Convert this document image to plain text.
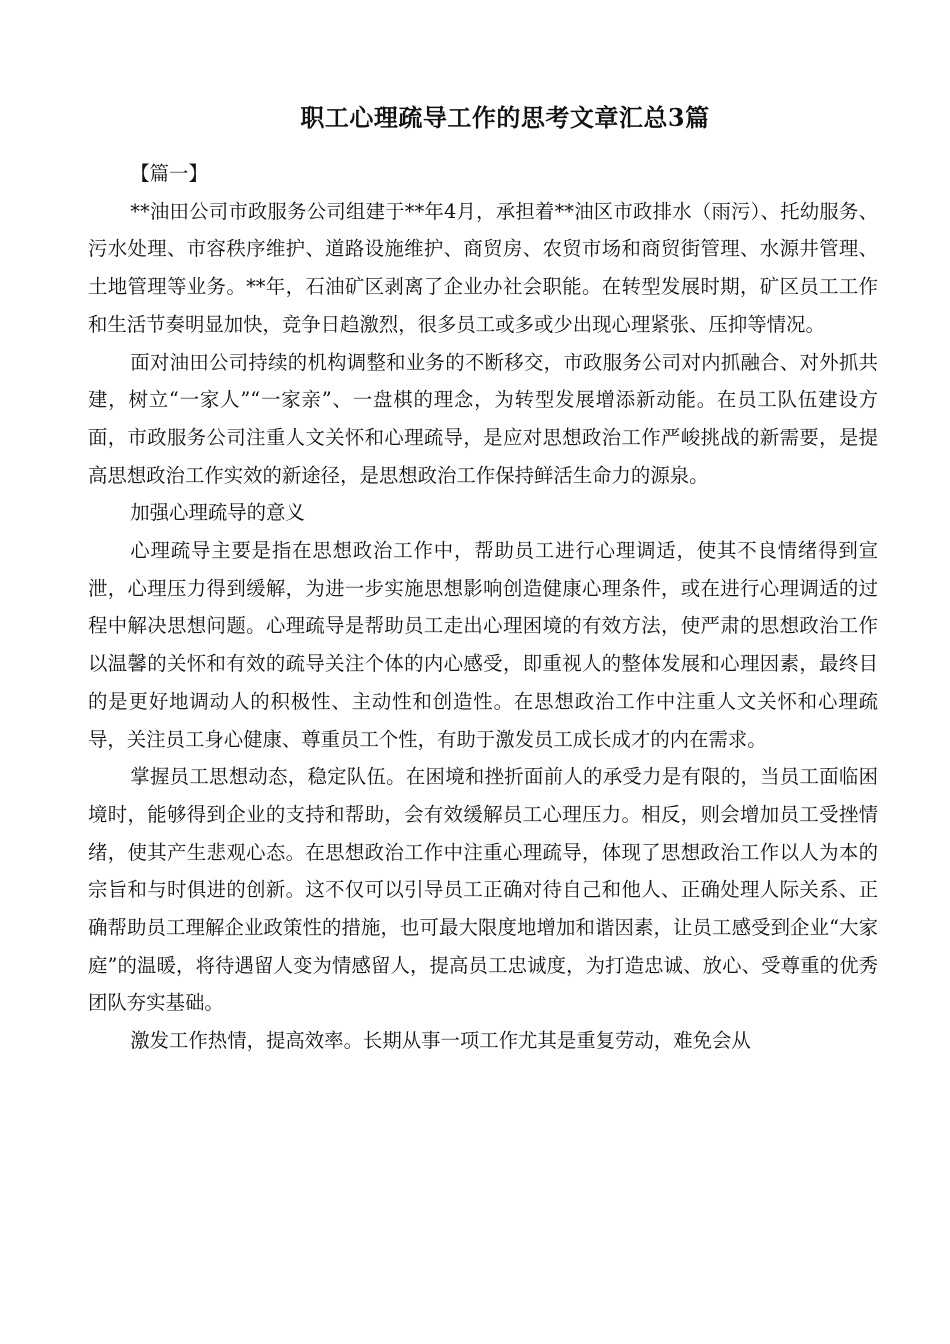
职工心理疏导工作的思考文章汇总3篇

【篇一】

**油田公司市政服务公司组建于**年4月，承担着**油区市政排水（雨污）、托幼服务、污水处理、市容秩序维护、道路设施维护、商贸房、农贸市场和商贸街管理、水源井管理、土地管理等业务。**年，石油矿区剥离了企业办社会职能。在转型发展时期，矿区员工工作和生活节奏明显加快，竞争日趋激烈，很多员工或多或少出现心理紧张、压抑等情况。

面对油田公司持续的机构调整和业务的不断移交，市政服务公司对内抓融合、对外抓共建，树立“一家人”“一家亲”、一盘棋的理念，为转型发展增添新动能。在员工队伍建设方面，市政服务公司注重人文关怀和心理疏导，是应对思想政治工作严峻挑战的新需要，是提高思想政治工作实效的新途径，是思想政治工作保持鲜活生命力的源泉。

加强心理疏导的意义

心理疏导主要是指在思想政治工作中，帮助员工进行心理调适，使其不良情绪得到宣泄，心理压力得到缓解，为进一步实施思想影响创造健康心理条件，或在进行心理调适的过程中解决思想问题。心理疏导是帮助员工走出心理困境的有效方法，使严肃的思想政治工作以温馨的关怀和有效的疏导关注个体的内心感受，即重视人的整体发展和心理因素，最终目的是更好地调动人的积极性、主动性和创造性。在思想政治工作中注重人文关怀和心理疏导，关注员工身心健康、尊重员工个性，有助于激发员工成长成才的内在需求。

掌握员工思想动态，稳定队伍。在困境和挫折面前人的承受力是有限的，当员工面临困境时，能够得到企业的支持和帮助，会有效缓解员工心理压力。相反，则会增加员工受挫情绪，使其产生悲观心态。在思想政治工作中注重心理疏导，体现了思想政治工作以人为本的宗旨和与时俱进的创新。这不仅可以引导员工正确对待自己和他人、正确处理人际关系、正确帮助员工理解企业政策性的措施，也可最大限度地增加和谐因素，让员工感受到企业“大家庭”的温暖，将待遇留人变为情感留人，提高员工忠诚度，为打造忠诚、放心、受尊重的优秀团队夯实基础。

激发工作热情，提高效率。长期从事一项工作尤其是重复劳动，难免会从
